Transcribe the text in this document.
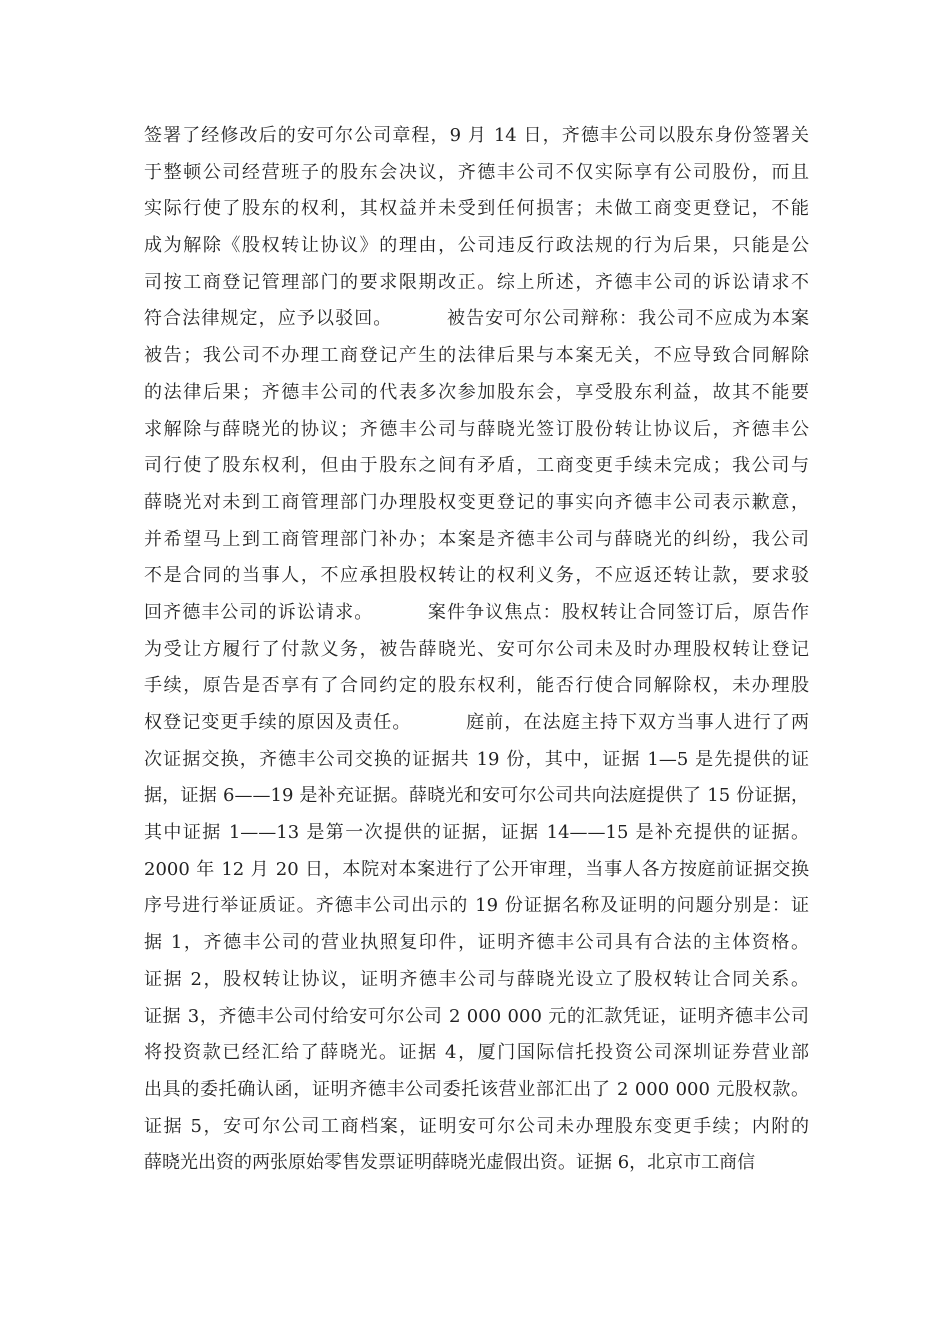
签署了经修改后的安可尔公司章程，9 月 14 日，齐德丰公司以股东身份签署关
于整顿公司经营班子的股东会决议，齐德丰公司不仅实际享有公司股份，而且
实际行使了股东的权利，其权益并未受到任何损害；未做工商变更登记，不能
成为解除《股权转让协议》的理由，公司违反行政法规的行为后果，只能是公
司按工商登记管理部门的要求限期改正。综上所述，齐德丰公司的诉讼请求不
符合法律规定，应予以驳回。        被告安可尔公司辩称：我公司不应成为本案
被告；我公司不办理工商登记产生的法律后果与本案无关，不应导致合同解除
的法律后果；齐德丰公司的代表多次参加股东会，享受股东利益，故其不能要
求解除与薛晓光的协议；齐德丰公司与薛晓光签订股份转让协议后，齐德丰公
司行使了股东权利，但由于股东之间有矛盾，工商变更手续未完成；我公司与
薛晓光对未到工商管理部门办理股权变更登记的事实向齐德丰公司表示歉意，
并希望马上到工商管理部门补办；本案是齐德丰公司与薛晓光的纠纷，我公司
不是合同的当事人，不应承担股权转让的权利义务，不应返还转让款，要求驳
回齐德丰公司的诉讼请求。        案件争议焦点：股权转让合同签订后，原告作
为受让方履行了付款义务，被告薛晓光、安可尔公司未及时办理股权转让登记
手续，原告是否享有了合同约定的股东权利，能否行使合同解除权，未办理股
权登记变更手续的原因及责任。        庭前，在法庭主持下双方当事人进行了两
次证据交换，齐德丰公司交换的证据共 19 份，其中，证据 1—5 是先提供的证
据，证据 6——19 是补充证据。薛晓光和安可尔公司共向法庭提供了 15 份证据，
其中证据 1——13 是第一次提供的证据，证据 14——15 是补充提供的证据。
2000 年 12 月 20 日，本院对本案进行了公开审理，当事人各方按庭前证据交换
序号进行举证质证。齐德丰公司出示的 19 份证据名称及证明的问题分别是：证
据 1，齐德丰公司的营业执照复印件，证明齐德丰公司具有合法的主体资格。
证据 2，股权转让协议，证明齐德丰公司与薛晓光设立了股权转让合同关系。
证据 3，齐德丰公司付给安可尔公司 2 000 000 元的汇款凭证，证明齐德丰公司
将投资款已经汇给了薛晓光。证据 4，厦门国际信托投资公司深圳证券营业部
出具的委托确认函，证明齐德丰公司委托该营业部汇出了 2 000 000 元股权款。
证据 5，安可尔公司工商档案，证明安可尔公司未办理股东变更手续；内附的
薛晓光出资的两张原始零售发票证明薛晓光虚假出资。证据 6，北京市工商信
